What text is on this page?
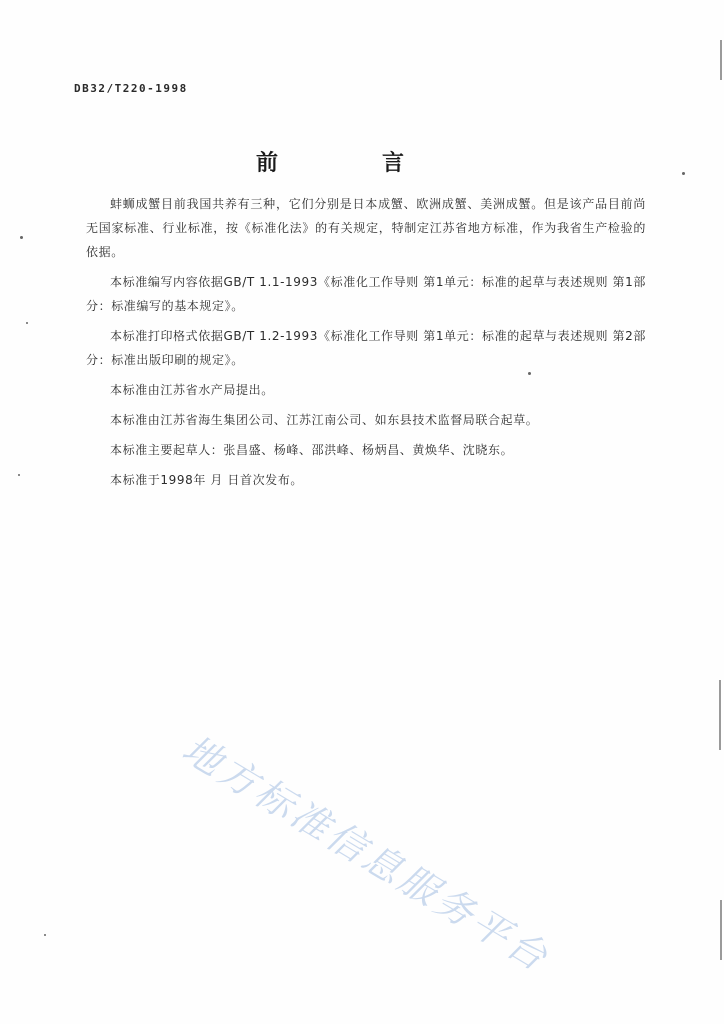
DB32/T220-1998
前言

蚌蛳成蟹目前我国共养有三种，它们分别是日本成蟹、欧洲成蟹、美洲成蟹。但是该产品目前尚无国家标准、行业标准，按《标准化法》的有关规定，特制定江苏省地方标准，作为我省生产检验的依据。

本标准编写内容依据GB/T 1.1-1993《标准化工作导则 第1单元：标准的起草与表述规则 第1部分：标准编写的基本规定》。

本标准打印格式依据GB/T 1.2-1993《标准化工作导则 第1单元：标准的起草与表述规则 第2部分：标准出版印刷的规定》。

本标准由江苏省水产局提出。

本标准由江苏省海生集团公司、江苏江南公司、如东县技术监督局联合起草。

本标准主要起草人：张昌盛、杨峰、邵洪峰、杨炳昌、黄焕华、沈晓东。

本标准于1998年 月 日首次发布。

地方标准信息服务平台
